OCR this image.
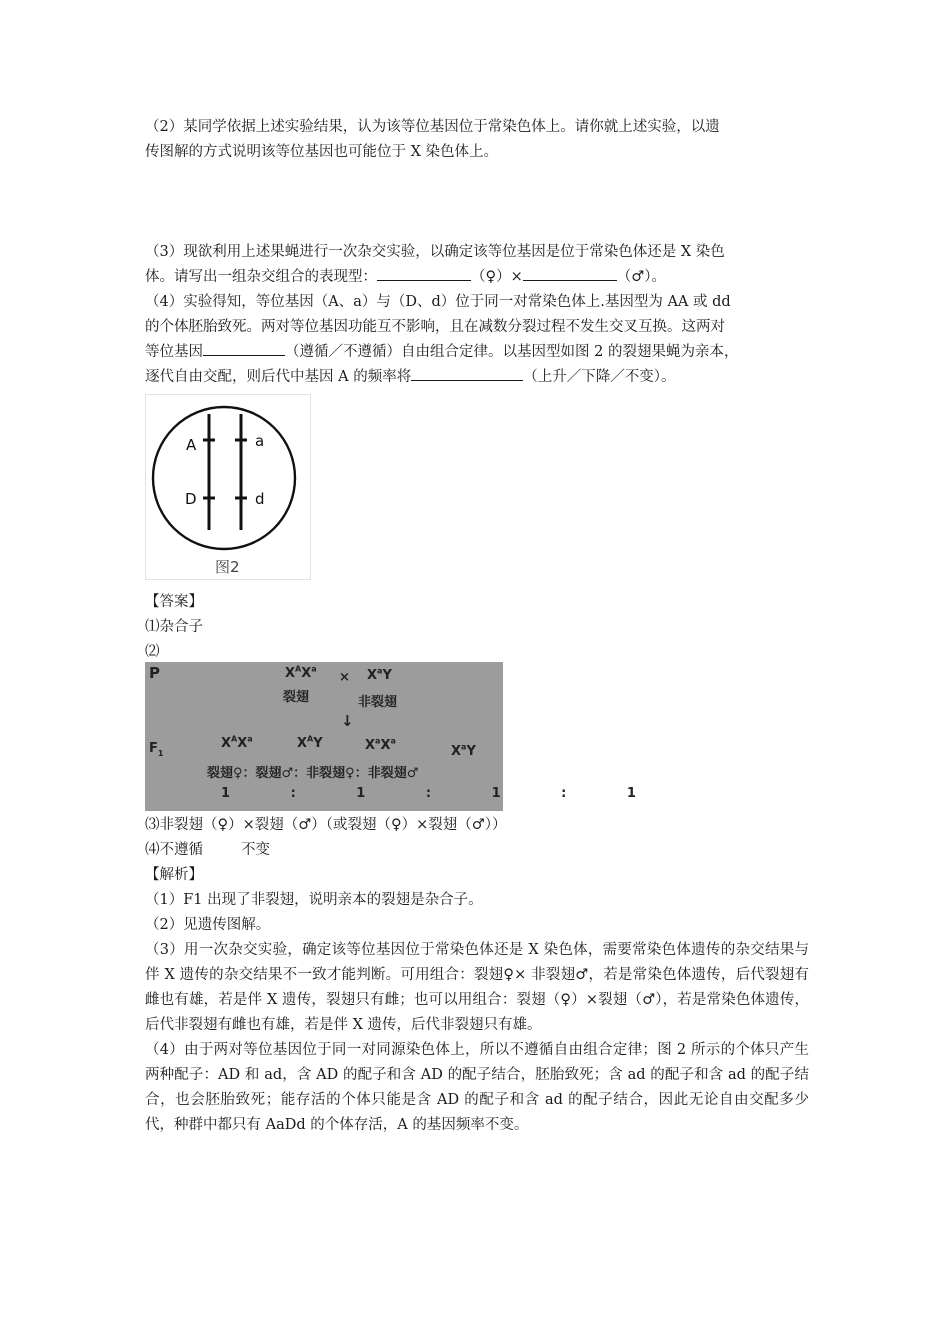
（2）某同学依据上述实验结果，认为该等位基因位于常染色体上。请你就上述实验，以遗

传图解的方式说明该等位基因也可能位于 X 染色体上。

（3）现欲利用上述果蝇进行一次杂交实验，以确定该等位基因是位于常染色体还是 X 染色

体。请写出一组杂交组合的表现型：	（♀）×	（♂）。

（4）实验得知，等位基因（A、a）与（D、d）位于同一对常染色体上.基因型为 AA 或 dd

的个体胚胎致死。两对等位基因功能互不影响，且在减数分裂过程不发生交叉互换。这两对

等位基因	（遵循／不遵循）自由组合定律。以基因型如图 2 的裂翅果蝇为亲本，

逐代自由交配，则后代中基因 A 的频率将	（上升／下降／不变）。

A	a
D	d
图2

【答案】

⑴杂合子

⑵

P	$X^AX^a$
× $X^aY$
裂翅	非裂翅
↓
$F_1$
$X^AX^a$	$X^AY$	$X^aX^a$
$X^aY$
裂翅♀：裂翅♂：非裂翅♀：非裂翅♂
1 : 1 : 1 : 1

⑶非裂翅（♀）×裂翅（♂）（或裂翅（♀）×裂翅（♂））

⑷不遵循	不变

【解析】

（1）F1 出现了非裂翅，说明亲本的裂翅是杂合子。

（2）见遗传图解。

（3）用一次杂交实验，确定该等位基因位于常染色体还是 X 染色体，需要常染色体遗传的杂交结果与伴 X 遗传的杂交结果不一致才能判断。可用组合：裂翅♀× 非裂翅♂，若是常染色体遗传，后代裂翅有雌也有雄，若是伴 X 遗传，裂翅只有雌；也可以用组合：裂翅（♀）×裂翅（♂），若是常染色体遗传，后代非裂翅有雌也有雄，若是伴 X 遗传，后代非裂翅只有雄。

（4）由于两对等位基因位于同一对同源染色体上，所以不遵循自由组合定律；图 2 所示的个体只产生两种配子：AD 和 ad，含 AD 的配子和含 AD 的配子结合，胚胎致死；含 ad 的配子和含 ad 的配子结合，也会胚胎致死；能存活的个体只能是含 AD 的配子和含 ad 的配子结合，因此无论自由交配多少代，种群中都只有 AaDd 的个体存活，A 的基因频率不变。
